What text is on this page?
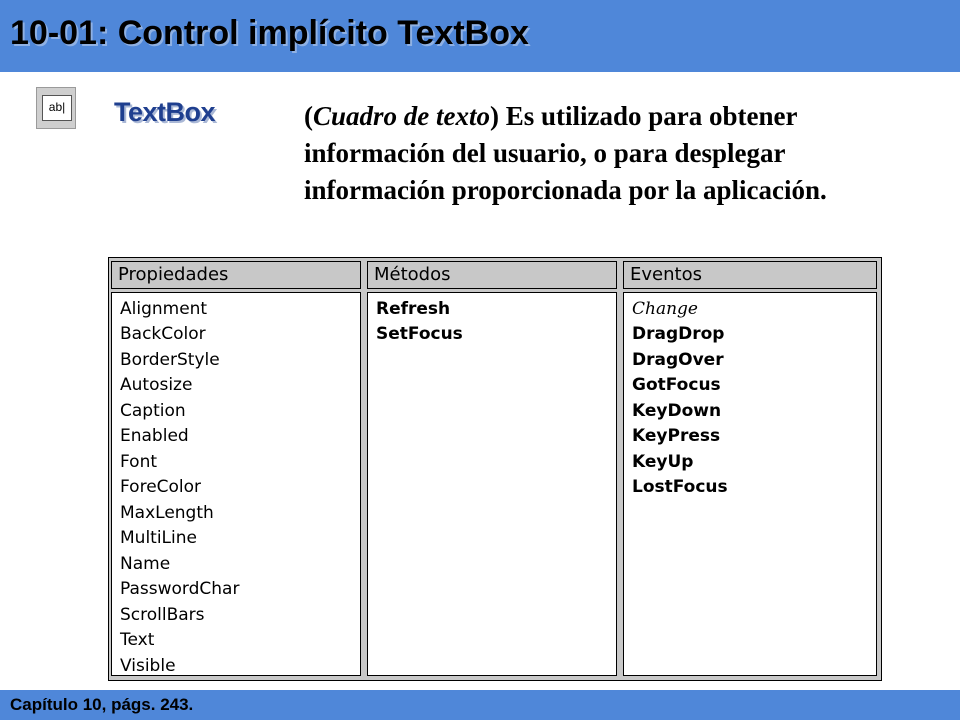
10-01: Control implícito TextBox
ab| TextBox	(Cuadro de texto) Es utilizado para obtener información del usuario, o para desplegar información proporcionada por la aplicación.
Propiedades
Alignment
BackColor
BorderStyle
Autosize
Caption
Enabled
Font
ForeColor
MaxLength
MultiLine
Name
PasswordChar
ScrollBars
Text
Visible
Métodos
Refresh
SetFocus
Eventos
Change
DragDrop
DragOver
GotFocus
KeyDown
KeyPress
KeyUp
LostFocus
Capítulo 10, págs. 243.
